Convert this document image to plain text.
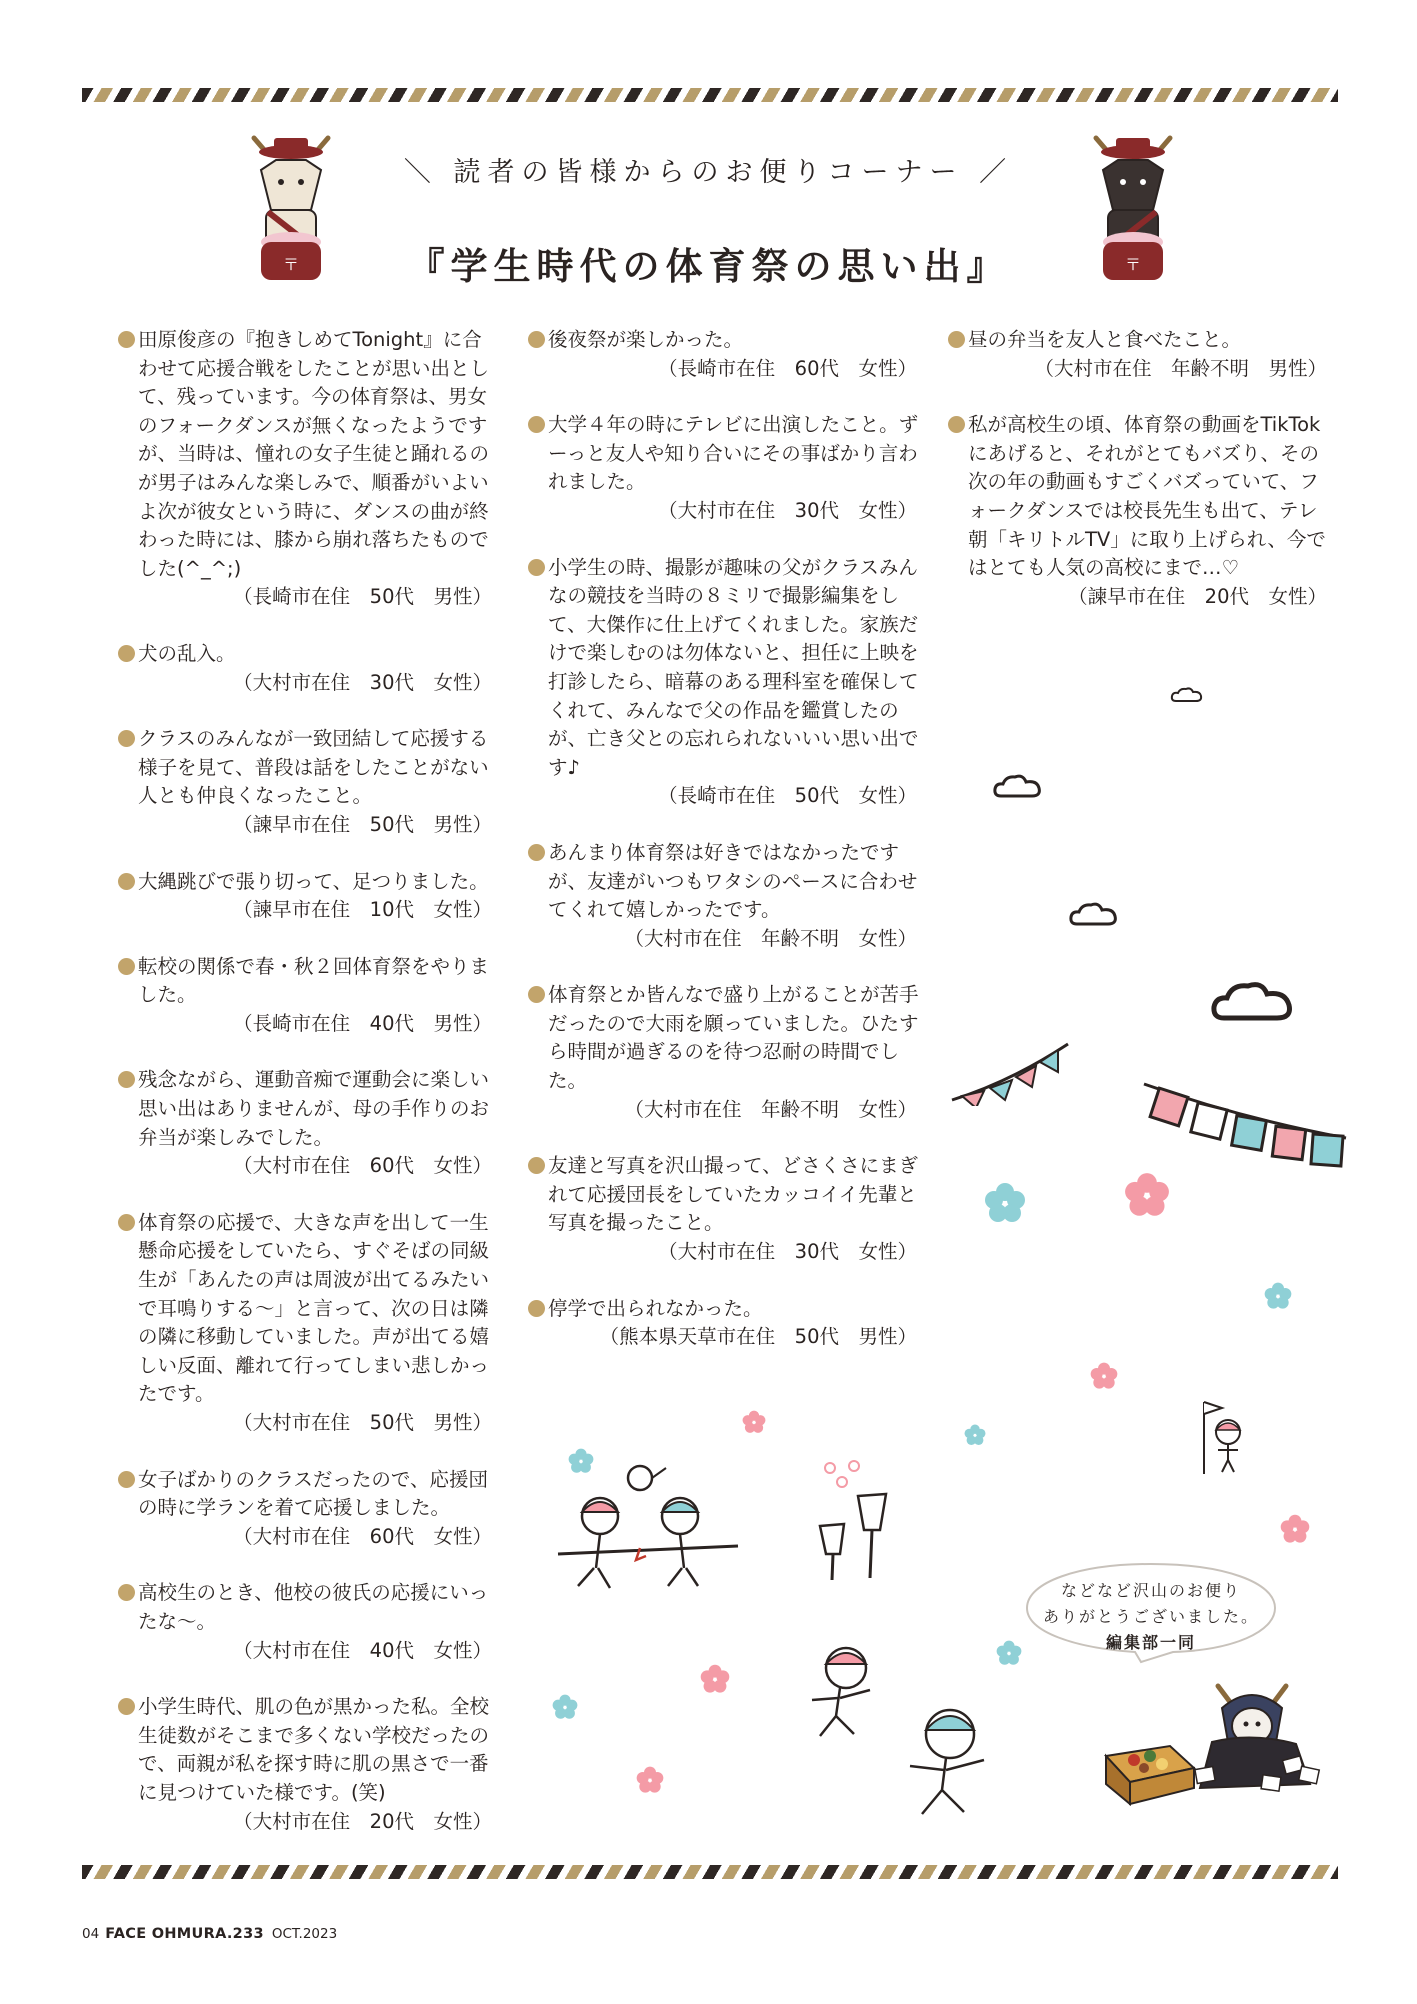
〒	〒
＼ 読者の皆様からのお便りコーナー ／
『学生時代の体育祭の思い出』
田原俊彦の『抱きしめてTonight』に合わせて応援合戦をしたことが思い出として、残っています。今の体育祭は、男女のフォークダンスが無くなったようですが、当時は、憧れの女子生徒と踊れるのが男子はみんな楽しみで、順番がいよいよ次が彼女という時に、ダンスの曲が終わった時には、膝から崩れ落ちたものでした(^_^;)
（長崎市在住　50代　男性）
犬の乱入。
（大村市在住　30代　女性）
クラスのみんなが一致団結して応援する様子を見て、普段は話をしたことがない人とも仲良くなったこと。
（諫早市在住　50代　男性）
大縄跳びで張り切って、足つりました。
（諫早市在住　10代　女性）
転校の関係で春・秋２回体育祭をやりました。
（長崎市在住　40代　男性）
残念ながら、運動音痴で運動会に楽しい思い出はありませんが、母の手作りのお弁当が楽しみでした。
（大村市在住　60代　女性）
体育祭の応援で、大きな声を出して一生懸命応援をしていたら、すぐそばの同級生が「あんたの声は周波が出てるみたいで耳鳴りする〜」と言って、次の日は隣の隣に移動していました。声が出てる嬉しい反面、離れて行ってしまい悲しかったです。
（大村市在住　50代　男性）
女子ばかりのクラスだったので、応援団の時に学ランを着て応援しました。
（大村市在住　60代　女性）
高校生のとき、他校の彼氏の応援にいったな〜。
（大村市在住　40代　女性）
小学生時代、肌の色が黒かった私。全校生徒数がそこまで多くない学校だったので、両親が私を探す時に肌の黒さで一番に見つけていた様です。(笑)
（大村市在住　20代　女性）
後夜祭が楽しかった。
（長崎市在住　60代　女性）
大学４年の時にテレビに出演したこと。ずーっと友人や知り合いにその事ばかり言われました。
（大村市在住　30代　女性）
小学生の時、撮影が趣味の父がクラスみんなの競技を当時の８ミリで撮影編集をして、大傑作に仕上げてくれました。家族だけで楽しむのは勿体ないと、担任に上映を打診したら、暗幕のある理科室を確保してくれて、みんなで父の作品を鑑賞したのが、亡き父との忘れられないいい思い出です♪
（長崎市在住　50代　女性）
あんまり体育祭は好きではなかったですが、友達がいつもワタシのペースに合わせてくれて嬉しかったです。
（大村市在住　年齢不明　女性）
体育祭とか皆んなで盛り上がることが苦手だったので大雨を願っていました。ひたすら時間が過ぎるのを待つ忍耐の時間でした。
（大村市在住　年齢不明　女性）
友達と写真を沢山撮って、どさくさにまぎれて応援団長をしていたカッコイイ先輩と写真を撮ったこと。
（大村市在住　30代　女性）
停学で出られなかった。
（熊本県天草市在住　50代　男性）
昼の弁当を友人と食べたこと。
（大村市在住　年齢不明　男性）
私が高校生の頃、体育祭の動画をTikTokにあげると、それがとてもバズり、その次の年の動画もすごくバズっていて、フォークダンスでは校長先生も出て、テレ朝「キリトルTV」に取り上げられ、今ではとても人気の高校にまで…♡
（諫早市在住　20代　女性）
などなど沢山のお便り
ありがとうございました。
編集部一同
04 FACE OHMURA.233 OCT.2023
